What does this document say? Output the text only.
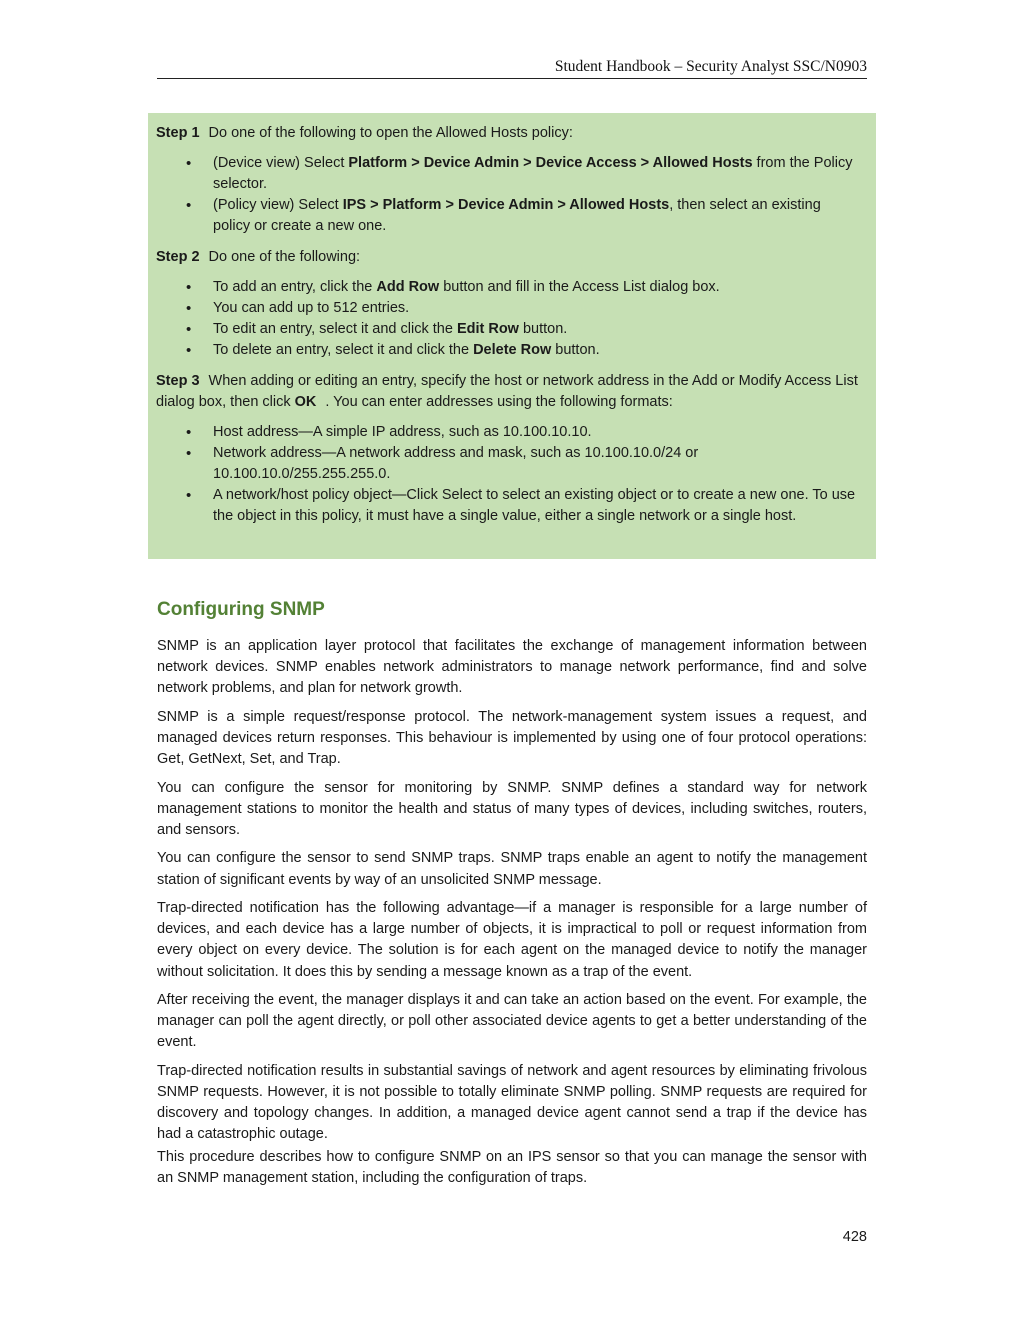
Student Handbook – Security Analyst SSC/N0903

Step 1 Do one of the following to open the Allowed Hosts policy:

• (Device view) Select Platform > Device Admin > Device Access > Allowed Hosts from the Policy selector.
• (Policy view) Select IPS > Platform > Device Admin > Allowed Hosts, then select an existing policy or create a new one.

Step 2 Do one of the following:

• To add an entry, click the Add Row button and fill in the Access List dialog box.
• You can add up to 512 entries.
• To edit an entry, select it and click the Edit Row button.
• To delete an entry, select it and click the Delete Row button.

Step 3 When adding or editing an entry, specify the host or network address in the Add or Modify Access List dialog box, then click OK . You can enter addresses using the following formats:

• Host address—A simple IP address, such as 10.100.10.10.
• Network address—A network address and mask, such as 10.100.10.0/24 or 10.100.10.0/255.255.255.0.
• A network/host policy object—Click Select to select an existing object or to create a new one. To use the object in this policy, it must have a single value, either a single network or a single host.
Configuring SNMP

SNMP is an application layer protocol that facilitates the exchange of management information between network devices. SNMP enables network administrators to manage network performance, find and solve network problems, and plan for network growth.

SNMP is a simple request/response protocol. The network-management system issues a request, and managed devices return responses. This behaviour is implemented by using one of four protocol operations: Get, GetNext, Set, and Trap.

You can configure the sensor for monitoring by SNMP. SNMP defines a standard way for network management stations to monitor the health and status of many types of devices, including switches, routers, and sensors.

You can configure the sensor to send SNMP traps. SNMP traps enable an agent to notify the management station of significant events by way of an unsolicited SNMP message.

Trap-directed notification has the following advantage—if a manager is responsible for a large number of devices, and each device has a large number of objects, it is impractical to poll or request information from every object on every device. The solution is for each agent on the managed device to notify the manager without solicitation. It does this by sending a message known as a trap of the event.

After receiving the event, the manager displays it and can take an action based on the event. For example, the manager can poll the agent directly, or poll other associated device agents to get a better understanding of the event.

Trap-directed notification results in substantial savings of network and agent resources by eliminating frivolous SNMP requests. However, it is not possible to totally eliminate SNMP polling. SNMP requests are required for discovery and topology changes. In addition, a managed device agent cannot send a trap if the device has had a catastrophic outage.

This procedure describes how to configure SNMP on an IPS sensor so that you can manage the sensor with an SNMP management station, including the configuration of traps.

428
